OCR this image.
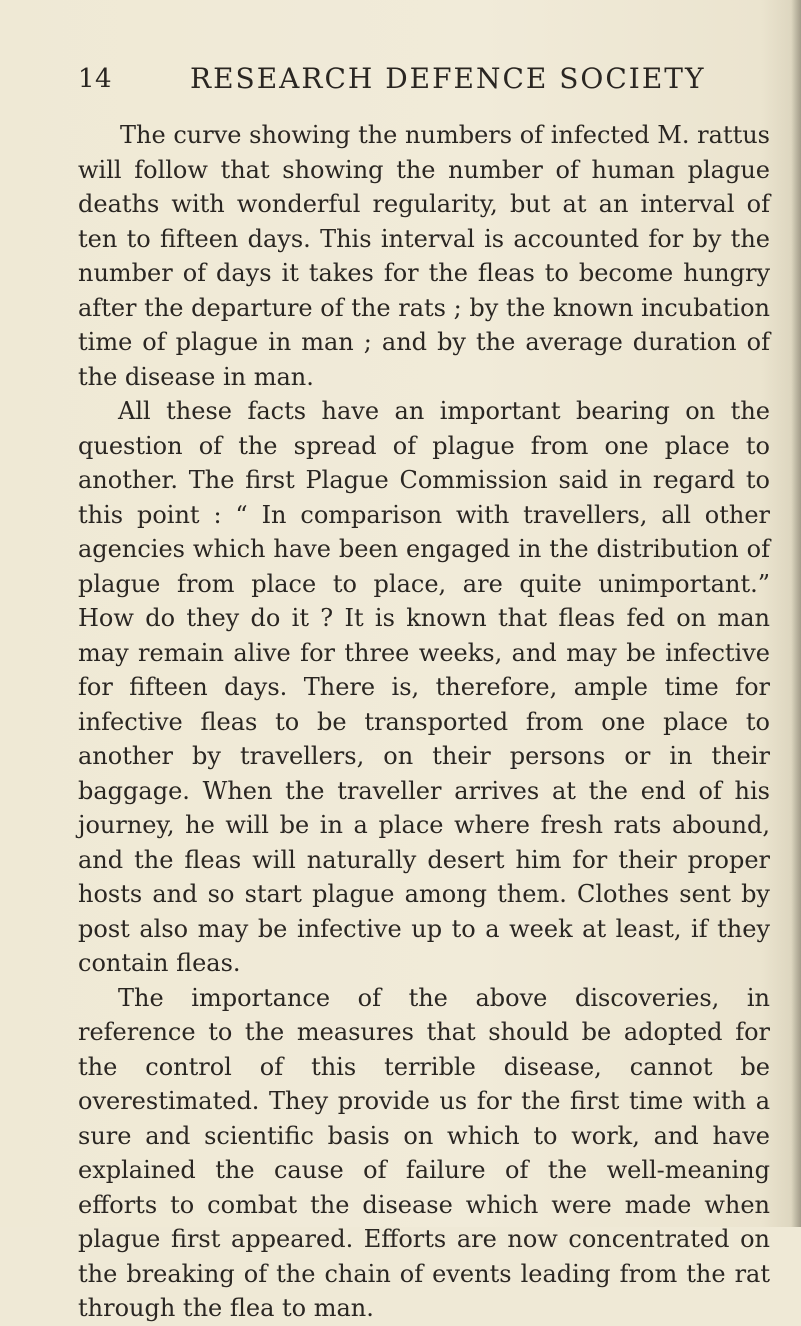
14	RESEARCH DEFENCE SOCIETY

The curve showing the numbers of infected M. rattus will follow that showing the number of human plague deaths with wonderful regularity, but at an interval of ten to fifteen days. This interval is accounted for by the number of days it takes for the fleas to become hungry after the departure of the rats ; by the known incubation time of plague in man ; and by the average duration of the disease in man.

All these facts have an important bearing on the question of the spread of plague from one place to another. The first Plague Commission said in regard to this point : “ In comparison with travellers, all other agencies which have been engaged in the distribution of plague from place to place, are quite unimportant.” How do they do it ? It is known that fleas fed on man may remain alive for three weeks, and may be infective for fifteen days. There is, therefore, ample time for infective fleas to be transported from one place to another by travellers, on their persons or in their baggage. When the traveller arrives at the end of his journey, he will be in a place where fresh rats abound, and the fleas will naturally desert him for their proper hosts and so start plague among them. Clothes sent by post also may be infective up to a week at least, if they contain fleas.

The importance of the above discoveries, in reference to the measures that should be adopted for the control of this terrible disease, cannot be overestimated. They provide us for the first time with a sure and scientific basis on which to work, and have explained the cause of failure of the well-meaning efforts to combat the disease which were made when plague first appeared. Efforts are now concentrated on the breaking of the chain of events leading from the rat through the flea to man.
